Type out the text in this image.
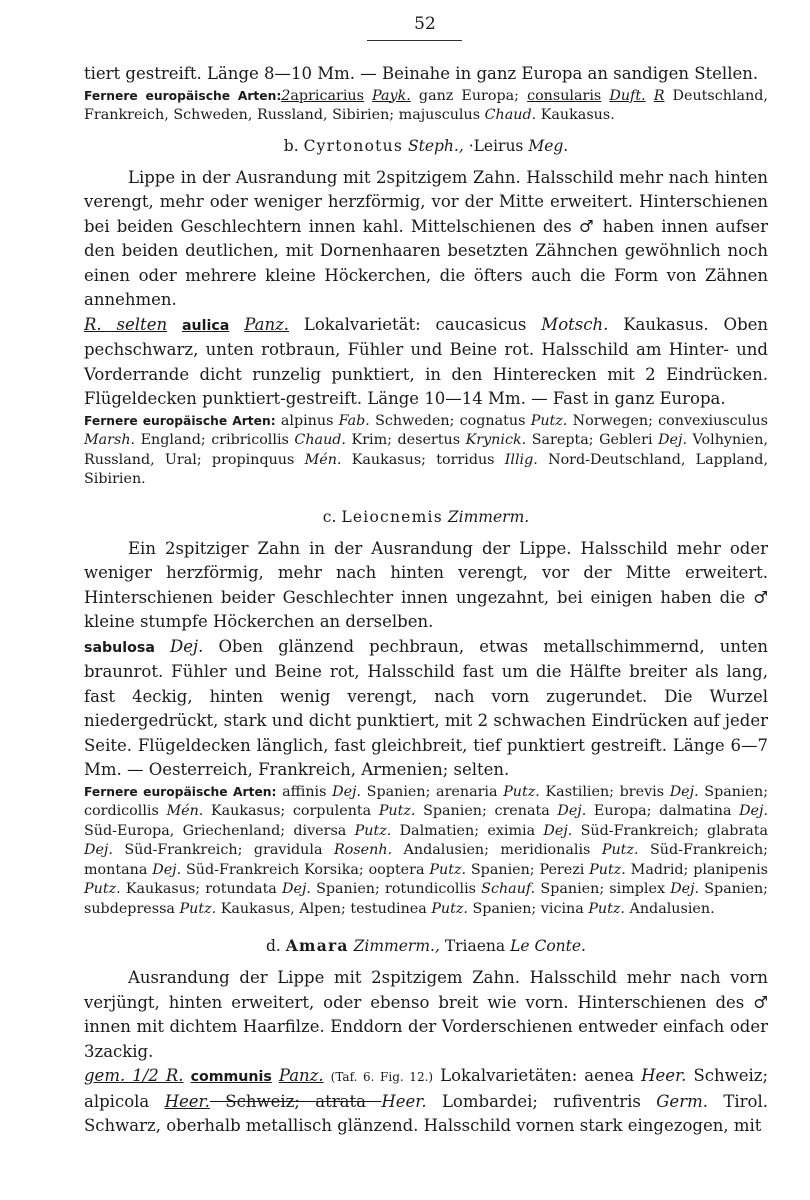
52

tiert gestreift. Länge 8—10 Mm. — Beinahe in ganz Europa an sandigen Stellen.

Fernere europäische Arten:2apricarius Payk. ganz Europa; consularis Duft. R Deutschland, Frankreich, Schweden, Russland, Sibirien; majusculus Chaud. Kaukasus.

b. Cyrtonotus Steph., ·Leirus Meg.

Lippe in der Ausrandung mit 2spitzigem Zahn. Halsschild mehr nach hinten verengt, mehr oder weniger herzförmig, vor der Mitte erweitert. Hinterschienen bei beiden Geschlechtern innen kahl. Mittelschienen des ♂ haben innen aufser den beiden deutlichen, mit Dornenhaaren besetzten Zähnchen gewöhnlich noch einen oder mehrere kleine Höckerchen, die öfters auch die Form von Zähnen annehmen.

R. selten aulica Panz. Lokalvarietät: caucasicus Motsch. Kaukasus. Oben pechschwarz, unten rotbraun, Fühler und Beine rot. Halsschild am Hinter- und Vorderrande dicht runzelig punktiert, in den Hinterecken mit 2 Eindrücken. Flügeldecken punktiert-gestreift. Länge 10—14 Mm. — Fast in ganz Europa.

Fernere europäische Arten: alpinus Fab. Schweden; cognatus Putz. Norwegen; convexiusculus Marsh. England; cribricollis Chaud. Krim; desertus Krynick. Sarepta; Gebleri Dej. Volhynien, Russland, Ural; propinquus Mén. Kaukasus; torridus Illig. Nord-Deutschland, Lappland, Sibirien.

c. Leiocnemis Zimmerm.

Ein 2spitziger Zahn in der Ausrandung der Lippe. Halsschild mehr oder weniger herzförmig, mehr nach hinten verengt, vor der Mitte erweitert. Hinterschienen beider Geschlechter innen ungezahnt, bei einigen haben die ♂ kleine stumpfe Höckerchen an derselben.

sabulosa Dej. Oben glänzend pechbraun, etwas metallschimmernd, unten braunrot. Fühler und Beine rot, Halsschild fast um die Hälfte breiter als lang, fast 4eckig, hinten wenig verengt, nach vorn zugerundet. Die Wurzel niedergedrückt, stark und dicht punktiert, mit 2 schwachen Eindrücken auf jeder Seite. Flügeldecken länglich, fast gleichbreit, tief punktiert gestreift. Länge 6—7 Mm. — Oesterreich, Frankreich, Armenien; selten.

Fernere europäische Arten: affinis Dej. Spanien; arenaria Putz. Kastilien; brevis Dej. Spanien; cordicollis Mén. Kaukasus; corpulenta Putz. Spanien; crenata Dej. Europa; dalmatina Dej. Süd-Europa, Griechenland; diversa Putz. Dalmatien; eximia Dej. Süd-Frankreich; glabrata Dej. Süd-Frankreich; gravidula Rosenh. Andalusien; meridionalis Putz. Süd-Frankreich; montana Dej. Süd-Frankreich Korsika; ooptera Putz. Spanien; Perezi Putz. Madrid; planipenis Putz. Kaukasus; rotundata Dej. Spanien; rotundicollis Schauf. Spanien; simplex Dej. Spanien; subdepressa Putz. Kaukasus, Alpen; testudinea Putz. Spanien; vicina Putz. Andalusien.

d. Amara Zimmerm., Triaena Le Conte.

Ausrandung der Lippe mit 2spitzigem Zahn. Halsschild mehr nach vorn verjüngt, hinten erweitert, oder ebenso breit wie vorn. Hinterschienen des ♂ innen mit dichtem Haarfilze. Enddorn der Vorderschienen entweder einfach oder 3zackig.

gem. 1/2 R. communis Panz. (Taf. 6. Fig. 12.) Lokalvarietäten: aenea Heer. Schweiz; alpicola Heer. Schweiz; atrata Heer. Lombardei; rufiventris Germ. Tirol. Schwarz, oberhalb metallisch glänzend. Halsschild vornen stark eingezogen, mit
